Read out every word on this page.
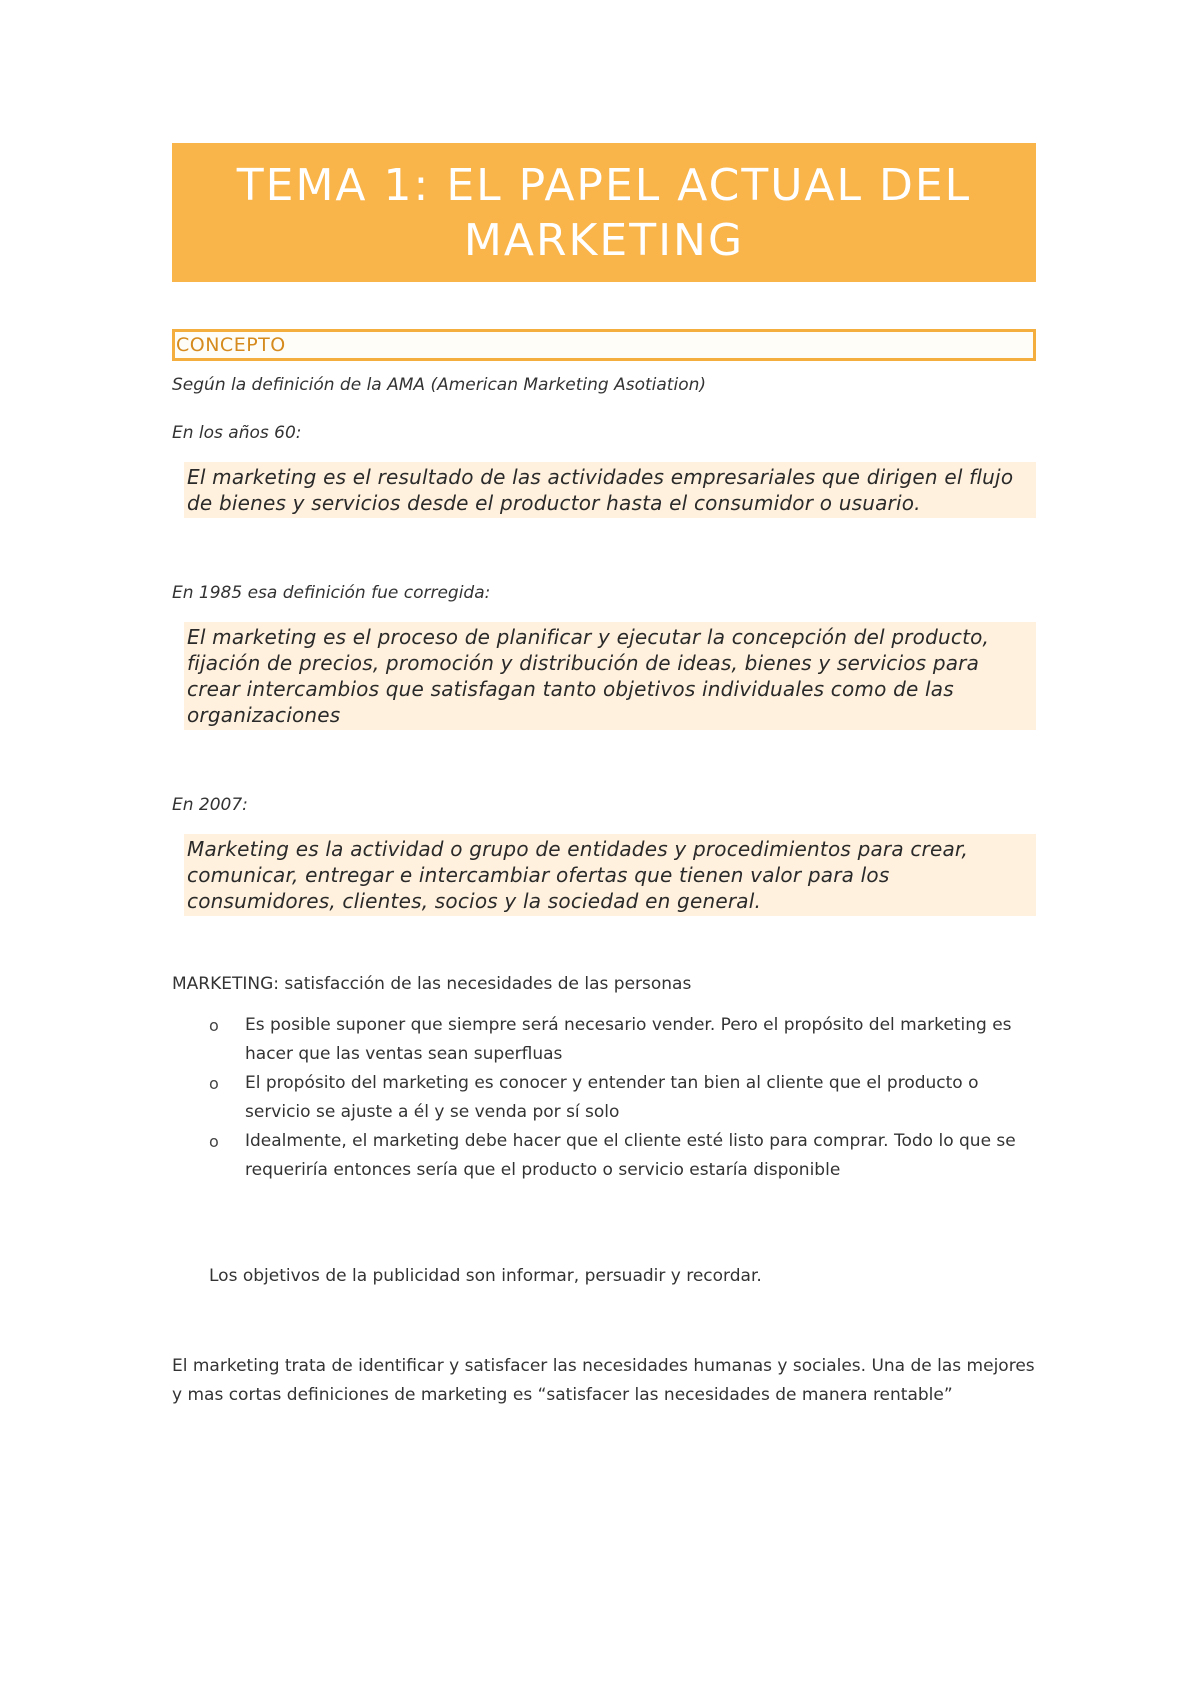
TEMA 1: EL PAPEL ACTUAL DEL
MARKETING
CONCEPTO
Según la definición de la AMA (American Marketing Asotiation)
En los años 60:
El marketing es el resultado de las actividades empresariales que dirigen el flujo de bienes y servicios desde el productor hasta el consumidor o usuario.
En 1985 esa definición fue corregida:
El marketing es el proceso de planificar y ejecutar la concepción del producto, fijación de precios, promoción y distribución de ideas, bienes y servicios para crear intercambios que satisfagan tanto objetivos individuales como de las organizaciones
En 2007:
Marketing es la actividad o grupo de entidades y procedimientos para crear, comunicar, entregar e intercambiar ofertas que tienen valor para los consumidores, clientes, socios y la sociedad en general.
MARKETING: satisfacción de las necesidades de las personas
o Es posible suponer que siempre será necesario vender. Pero el propósito del marketing es hacer que las ventas sean superfluas
o El propósito del marketing es conocer y entender tan bien al cliente que el producto o servicio se ajuste a él y se venda por sí solo
o Idealmente, el marketing debe hacer que el cliente esté listo para comprar. Todo lo que se requeriría entonces sería que el producto o servicio estaría disponible
Los objetivos de la publicidad son informar, persuadir y recordar.
El marketing trata de identificar y satisfacer las necesidades humanas y sociales. Una de las mejores y mas cortas definiciones de marketing es “satisfacer las necesidades de manera rentable”
